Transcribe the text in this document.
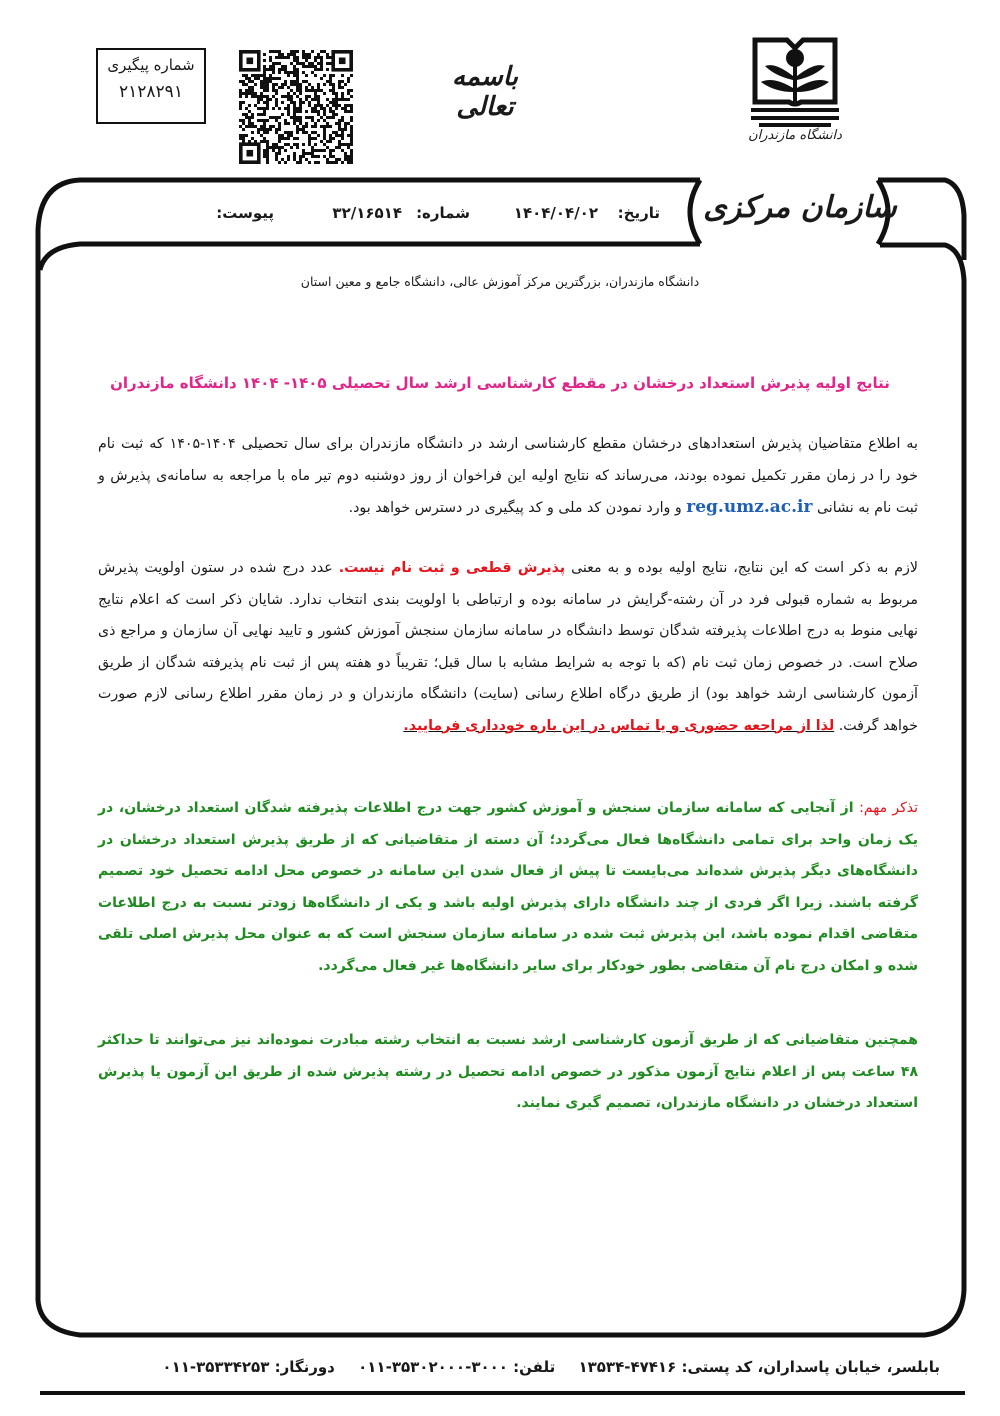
شماره پیگیری
۲۱۲۸۲۹۱	باسمه تعالی
دانشگاه مازندران
سازمان مرکزی
تاریخ:
۱۴۰۴/۰۴/۰۲
شماره:
۳۲/۱۶۵۱۴
پیوست:
دانشگاه مازندران، بزرگترین مرکز آموزش عالی، دانشگاه جامع و معین استان
نتایج اولیه پذیرش استعداد درخشان در مقطع کارشناسی ارشد سال تحصیلی ۱۴۰۵- ۱۴۰۴ دانشگاه مازندران
به اطلاع متقاضیان پذیرش استعدادهای درخشان مقطع کارشناسی ارشد در دانشگاه مازندران برای سال تحصیلی ۱۴۰۴-۱۴۰۵ که ثبت نام خود را در زمان مقرر تکمیل نموده بودند، می‌رساند که نتایج اولیه این فراخوان از روز دوشنبه دوم تیر ماه با مراجعه به سامانه‌ی پذیرش و ثبت نام به نشانی reg.umz.ac.ir و وارد نمودن کد ملی و کد پیگیری در دسترس خواهد بود.
لازم به ذکر است که این نتایج، نتایج اولیه بوده و به معنی پذیرش قطعی و ثبت نام نیست. عدد درج شده در ستون اولویت پذیرش مربوط به شماره قبولی فرد در آن رشته-گرایش در سامانه بوده و ارتباطی با اولویت بندی انتخاب ندارد. شایان ذکر است که اعلام نتایج نهایی منوط به درج اطلاعات پذیرفته شدگان توسط دانشگاه در سامانه سازمان سنجش آموزش کشور و تایید نهایی آن سازمان و مراجع ذی صلاح است. در خصوص زمان ثبت نام (که با توجه به شرایط مشابه با سال قبل؛ تقریباً دو هفته پس از ثبت نام پذیرفته شدگان از طریق آزمون کارشناسی ارشد خواهد بود) از طریق درگاه اطلاع رسانی (سایت) دانشگاه مازندران و در زمان مقرر اطلاع رسانی لازم صورت خواهد گرفت. لذا از مراجعه حضوری و یا تماس در این باره خودداری فرمایید.
تذکر مهم: از آنجایی که سامانه سازمان سنجش و آموزش کشور جهت درج اطلاعات پذیرفته شدگان استعداد درخشان، در یک زمان واحد برای تمامی دانشگاه‌ها فعال می‌گردد؛ آن دسته از متقاضیانی که از طریق پذیرش استعداد درخشان در دانشگاه‌های دیگر پذیرش شده‌اند می‌بایست تا پیش از فعال شدن این سامانه در خصوص محل ادامه تحصیل خود تصمیم گرفته باشند. زیرا اگر فردی از چند دانشگاه دارای پذیرش اولیه باشد و یکی از دانشگاه‌ها زودتر نسبت به درج اطلاعات متقاضی اقدام نموده باشد، این پذیرش ثبت شده در سامانه سازمان سنجش است که به عنوان محل پذیرش اصلی تلقی شده و امکان درج نام آن متقاضی بطور خودکار برای سایر دانشگاه‌ها غیر فعال می‌گردد.
همچنین متقاضیانی که از طریق آزمون کارشناسی ارشد نسبت به انتخاب رشته مبادرت نموده‌اند نیز می‌توانند تا حداکثر ۴۸ ساعت پس از اعلام نتایج آزمون مذکور در خصوص ادامه تحصیل در رشته پذیرش شده از طریق این آزمون یا پذیرش استعداد درخشان در دانشگاه مازندران، تصمیم گیری نمایند.
بابلسر، خیابان پاسداران، کد پستی: ۴۷۴۱۶-۱۳۵۳۴ تلفن: ۳۰۰۰-۳۵۳۰۲۰۰۰-۰۱۱ دورنگار: ۳۵۳۳۴۲۵۳-۰۱۱
